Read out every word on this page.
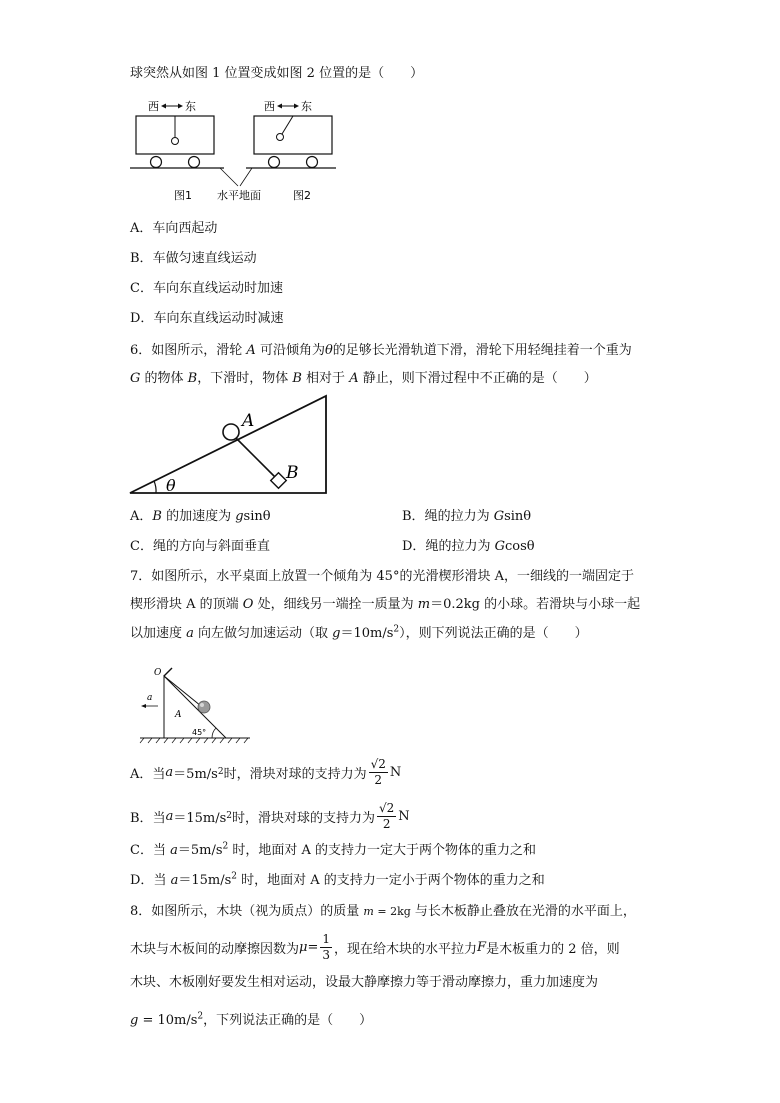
球突然从如图 1 位置变成如图 2 位置的是（　　）
西 东	西 东
图1 水平地面	图2
A．车向西起动
B．车做匀速直线运动
C．车向东直线运动时加速
D．车向东直线运动时减速
6．如图所示，滑轮 A 可沿倾角为θ的足够长光滑轨道下滑，滑轮下用轻绳挂着一个重为
G 的物体 B，下滑时，物体 B 相对于 A 静止，则下滑过程中不正确的是（　　）
A
B
θ
A．B 的加速度为 gsinθ	B．绳的拉力为 Gsinθ
C．绳的方向与斜面垂直	D．绳的拉力为 Gcosθ
7．如图所示，水平桌面上放置一个倾角为 45°的光滑楔形滑块 A，一细线的一端固定于
楔形滑块 A 的顶端 O 处，细线另一端拴一质量为 m＝0.2kg 的小球。若滑块与小球一起
以加速度 a 向左做匀加速运动（取 $g=10m/s^2$），则下列说法正确的是（　　）
O
a
A
45°
A． 当 a ＝5m/s 2 时，滑块对球的支持力为 $\frac{√2}{2}$ N
B． 当 a ＝15m/s 2 时，滑块对球的支持力为 $\frac{√2}{2}$ N
C．当 $a=5m/s^2$ 时，地面对 A 的支持力一定大于两个物体的重力之和
D．当 $a=15m/s^2$ 时，地面对 A 的支持力一定小于两个物体的重力之和
8．如图所示，木块（视为质点）的质量 m = 2kg 与长木板静止叠放在光滑的水平面上，
木块与木板间的动摩擦因数为 $\mu = \frac{1}{3}$ ，现在给木块的水平拉力 F 是木板重力的 2 倍，则
木块、木板刚好要发生相对运动，设最大静摩擦力等于滑动摩擦力，重力加速度为
$g = 10m/s^2$，下列说法正确的是（　　）
